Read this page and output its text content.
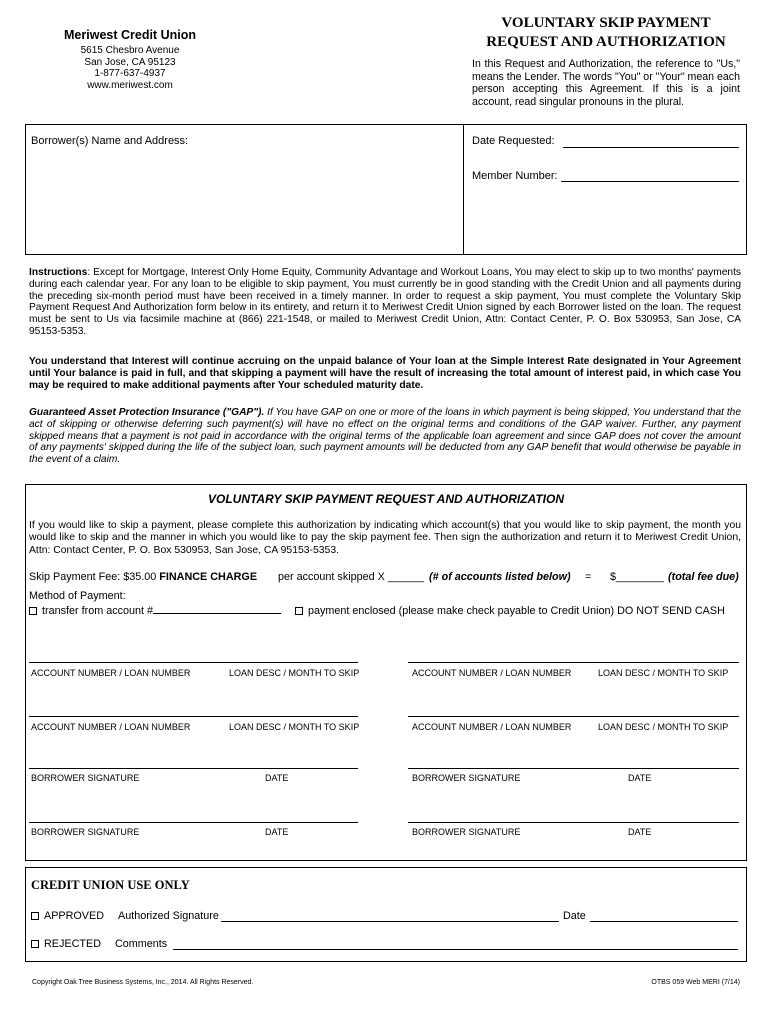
Meriwest Credit Union
5615 Chesbro Avenue
San Jose, CA 95123
1-877-637-4937
www.meriwest.com
VOLUNTARY SKIP PAYMENT
REQUEST AND AUTHORIZATION

In this Request and Authorization, the reference to "Us," means the Lender. The words "You" or "Your" mean each person accepting this Agreement. If this is a joint account, read singular pronouns in the plural.

Borrower(s) Name and Address:	Date Requested:
Member Number:

Instructions: Except for Mortgage, Interest Only Home Equity, Community Advantage and Workout Loans, You may elect to skip up to two months' payments during each calendar year. For any loan to be eligible to skip payment, You must currently be in good standing with the Credit Union and all payments during the preceding six-month period must have been received in a timely manner. In order to request a skip payment, You must complete the Voluntary Skip Payment Request And Authorization form below in its entirety, and return it to Meriwest Credit Union signed by each Borrower listed on the loan. The request must be sent to Us via facsimile machine at (866) 221-1548, or mailed to Meriwest Credit Union, Attn: Contact Center, P. O. Box 530953, San Jose, CA 95153-5353.

You understand that Interest will continue accruing on the unpaid balance of Your loan at the Simple Interest Rate designated in Your Agreement until Your balance is paid in full, and that skipping a payment will have the result of increasing the total amount of interest paid, in which case You may be required to make additional payments after Your scheduled maturity date.

Guaranteed Asset Protection Insurance ("GAP"). If You have GAP on one or more of the loans in which payment is being skipped, You understand that the act of skipping or otherwise deferring such payment(s) will have no effect on the original terms and conditions of the GAP waiver. Further, any payment skipped means that a payment is not paid in accordance with the original terms of the applicable loan agreement and since GAP does not cover the amount of any payments' skipped during the life of the subject loan, such payment amounts will be deducted from any GAP benefit that would otherwise be payable in the event of a claim.

VOLUNTARY SKIP PAYMENT REQUEST AND AUTHORIZATION

If you would like to skip a payment, please complete this authorization by indicating which account(s) that you would like to skip payment, the month you would like to skip and the manner in which you would like to pay the skip payment fee. Then sign the authorization and return it to Meriwest Credit Union, Attn: Contact Center, P. O. Box 530953, San Jose, CA 95153-5353.

Skip Payment Fee: $35.00 FINANCE CHARGE per account skipped X ______ (# of accounts listed below) = $________ (total fee due)
Method of Payment:
transfer from account #	payment enclosed (please make check payable to Credit Union) DO NOT SEND CASH
ACCOUNT NUMBER / LOAN NUMBER	LOAN DESC / MONTH TO SKIP	ACCOUNT NUMBER / LOAN NUMBER	LOAN DESC / MONTH TO SKIP
ACCOUNT NUMBER / LOAN NUMBER	LOAN DESC / MONTH TO SKIP	ACCOUNT NUMBER / LOAN NUMBER	LOAN DESC / MONTH TO SKIP
BORROWER SIGNATURE	DATE	BORROWER SIGNATURE	DATE
BORROWER SIGNATURE	DATE	BORROWER SIGNATURE	DATE
CREDIT UNION USE ONLY
APPROVED Authorized Signature	Date
REJECTED Comments
Copyright Oak Tree Business Systems, Inc., 2014. All Rights Reserved.	OTBS 059 Web MERI (7/14)
